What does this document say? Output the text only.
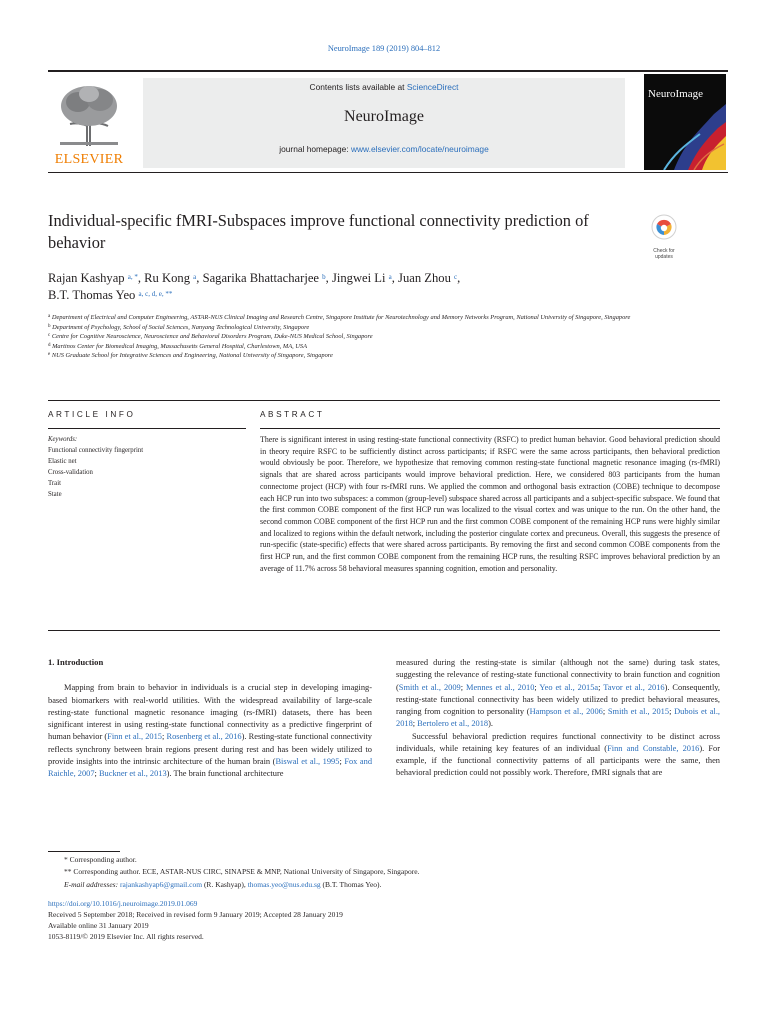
NeuroImage 189 (2019) 804–812
ELSEVIER
Contents lists available at ScienceDirect
NeuroImage
journal homepage: www.elsevier.com/locate/neuroimage
NeuroImage
Individual-specific fMRI-Subspaces improve functional connectivity prediction of behavior	Check for updates
Rajan Kashyap $^{a, *}$, Ru Kong $^a$, Sagarika Bhattacharjee $^b$, Jingwei Li $^a$, Juan Zhou $^c$,
B.T. Thomas Yeo $^{a, c, d, e, **}$
$^a$ Department of Electrical and Computer Engineering, ASTAR-NUS Clinical Imaging and Research Centre, Singapore Institute for Neurotechnology and Memory Networks Program, National University of Singapore, Singapore
$^b$ Department of Psychology, School of Social Sciences, Nanyang Technological University, Singapore
$^c$ Centre for Cognitive Neuroscience, Neuroscience and Behavioral Disorders Program, Duke-NUS Medical School, Singapore
$^d$ Martinos Center for Biomedical Imaging, Massachusetts General Hospital, Charlestown, MA, USA
$^e$ NUS Graduate School for Integrative Sciences and Engineering, National University of Singapore, Singapore
ARTICLE INFO	ABSTRACT
Keywords:
Functional connectivity fingerprint
Elastic net
Cross-validation
Trait
State
There is significant interest in using resting-state functional connectivity (RSFC) to predict human behavior. Good behavioral prediction should in theory require RSFC to be sufficiently distinct across participants; if RSFC were the same across participants, then behavioral prediction would obviously be poor. Therefore, we hypothesize that removing common resting-state functional magnetic resonance imaging (rs-fMRI) signals that are shared across participants would improve behavioral prediction. Here, we considered 803 participants from the human connectome project (HCP) with four rs-fMRI runs. We applied the common and orthogonal basis extraction (COBE) technique to decompose each HCP run into two subspaces: a common (group-level) subspace shared across all participants and a subject-specific subspace. We found that the first common COBE component of the first HCP run was localized to the visual cortex and was unique to the run. On the other hand, the second common COBE component of the first HCP run and the first common COBE component of the remaining HCP runs were highly similar and localized to regions within the default network, including the posterior cingulate cortex and precuneus. Overall, this suggests the presence of run-specific (state-specific) effects that were shared across participants. By removing the first and second common COBE components from the first HCP run, and the first common COBE component from the remaining HCP runs, the resulting RSFC improves behavioral prediction by an average of 11.7% across 58 behavioral measures spanning cognition, emotion and personality.
1. Introduction

Mapping from brain to behavior in individuals is a crucial step in developing imaging-based biomarkers with real-world utilities. With the widespread availability of large-scale resting-state functional magnetic resonance imaging (rs-fMRI) datasets, there has been significant interest in using resting-state functional connectivity as a predictive fingerprint of human behavior (Finn et al., 2015; Rosenberg et al., 2016). Resting-state functional connectivity reflects synchrony between brain regions present during rest and has been widely utilized to provide insights into the intrinsic architecture of the human brain (Biswal et al., 1995; Fox and Raichle, 2007; Buckner et al., 2013). The brain functional architecture

measured during the resting-state is similar (although not the same) during task states, suggesting the relevance of resting-state functional connectivity to brain function and cognition (Smith et al., 2009; Mennes et al., 2010; Yeo et al., 2015a; Tavor et al., 2016). Consequently, resting-state functional connectivity has been widely utilized to predict behavioral measures, ranging from cognition to personality (Hampson et al., 2006; Smith et al., 2015; Dubois et al., 2018; Bertolero et al., 2018).

Successful behavioral prediction requires functional connectivity to be distinct across individuals, while retaining key features of an individual (Finn and Constable, 2016). For example, if the functional connectivity patterns of all participants were the same, then behavioral prediction could not possibly work. Therefore, fMRI signals that are

* Corresponding author.
** Corresponding author. ECE, ASTAR-NUS CIRC, SINAPSE & MNP, National University of Singapore, Singapore.
E-mail addresses: rajankashyap6@gmail.com (R. Kashyap), thomas.yeo@nus.edu.sg (B.T. Thomas Yeo).
https://doi.org/10.1016/j.neuroimage.2019.01.069
Received 5 September 2018; Received in revised form 9 January 2019; Accepted 28 January 2019
Available online 31 January 2019
1053-8119/© 2019 Elsevier Inc. All rights reserved.
